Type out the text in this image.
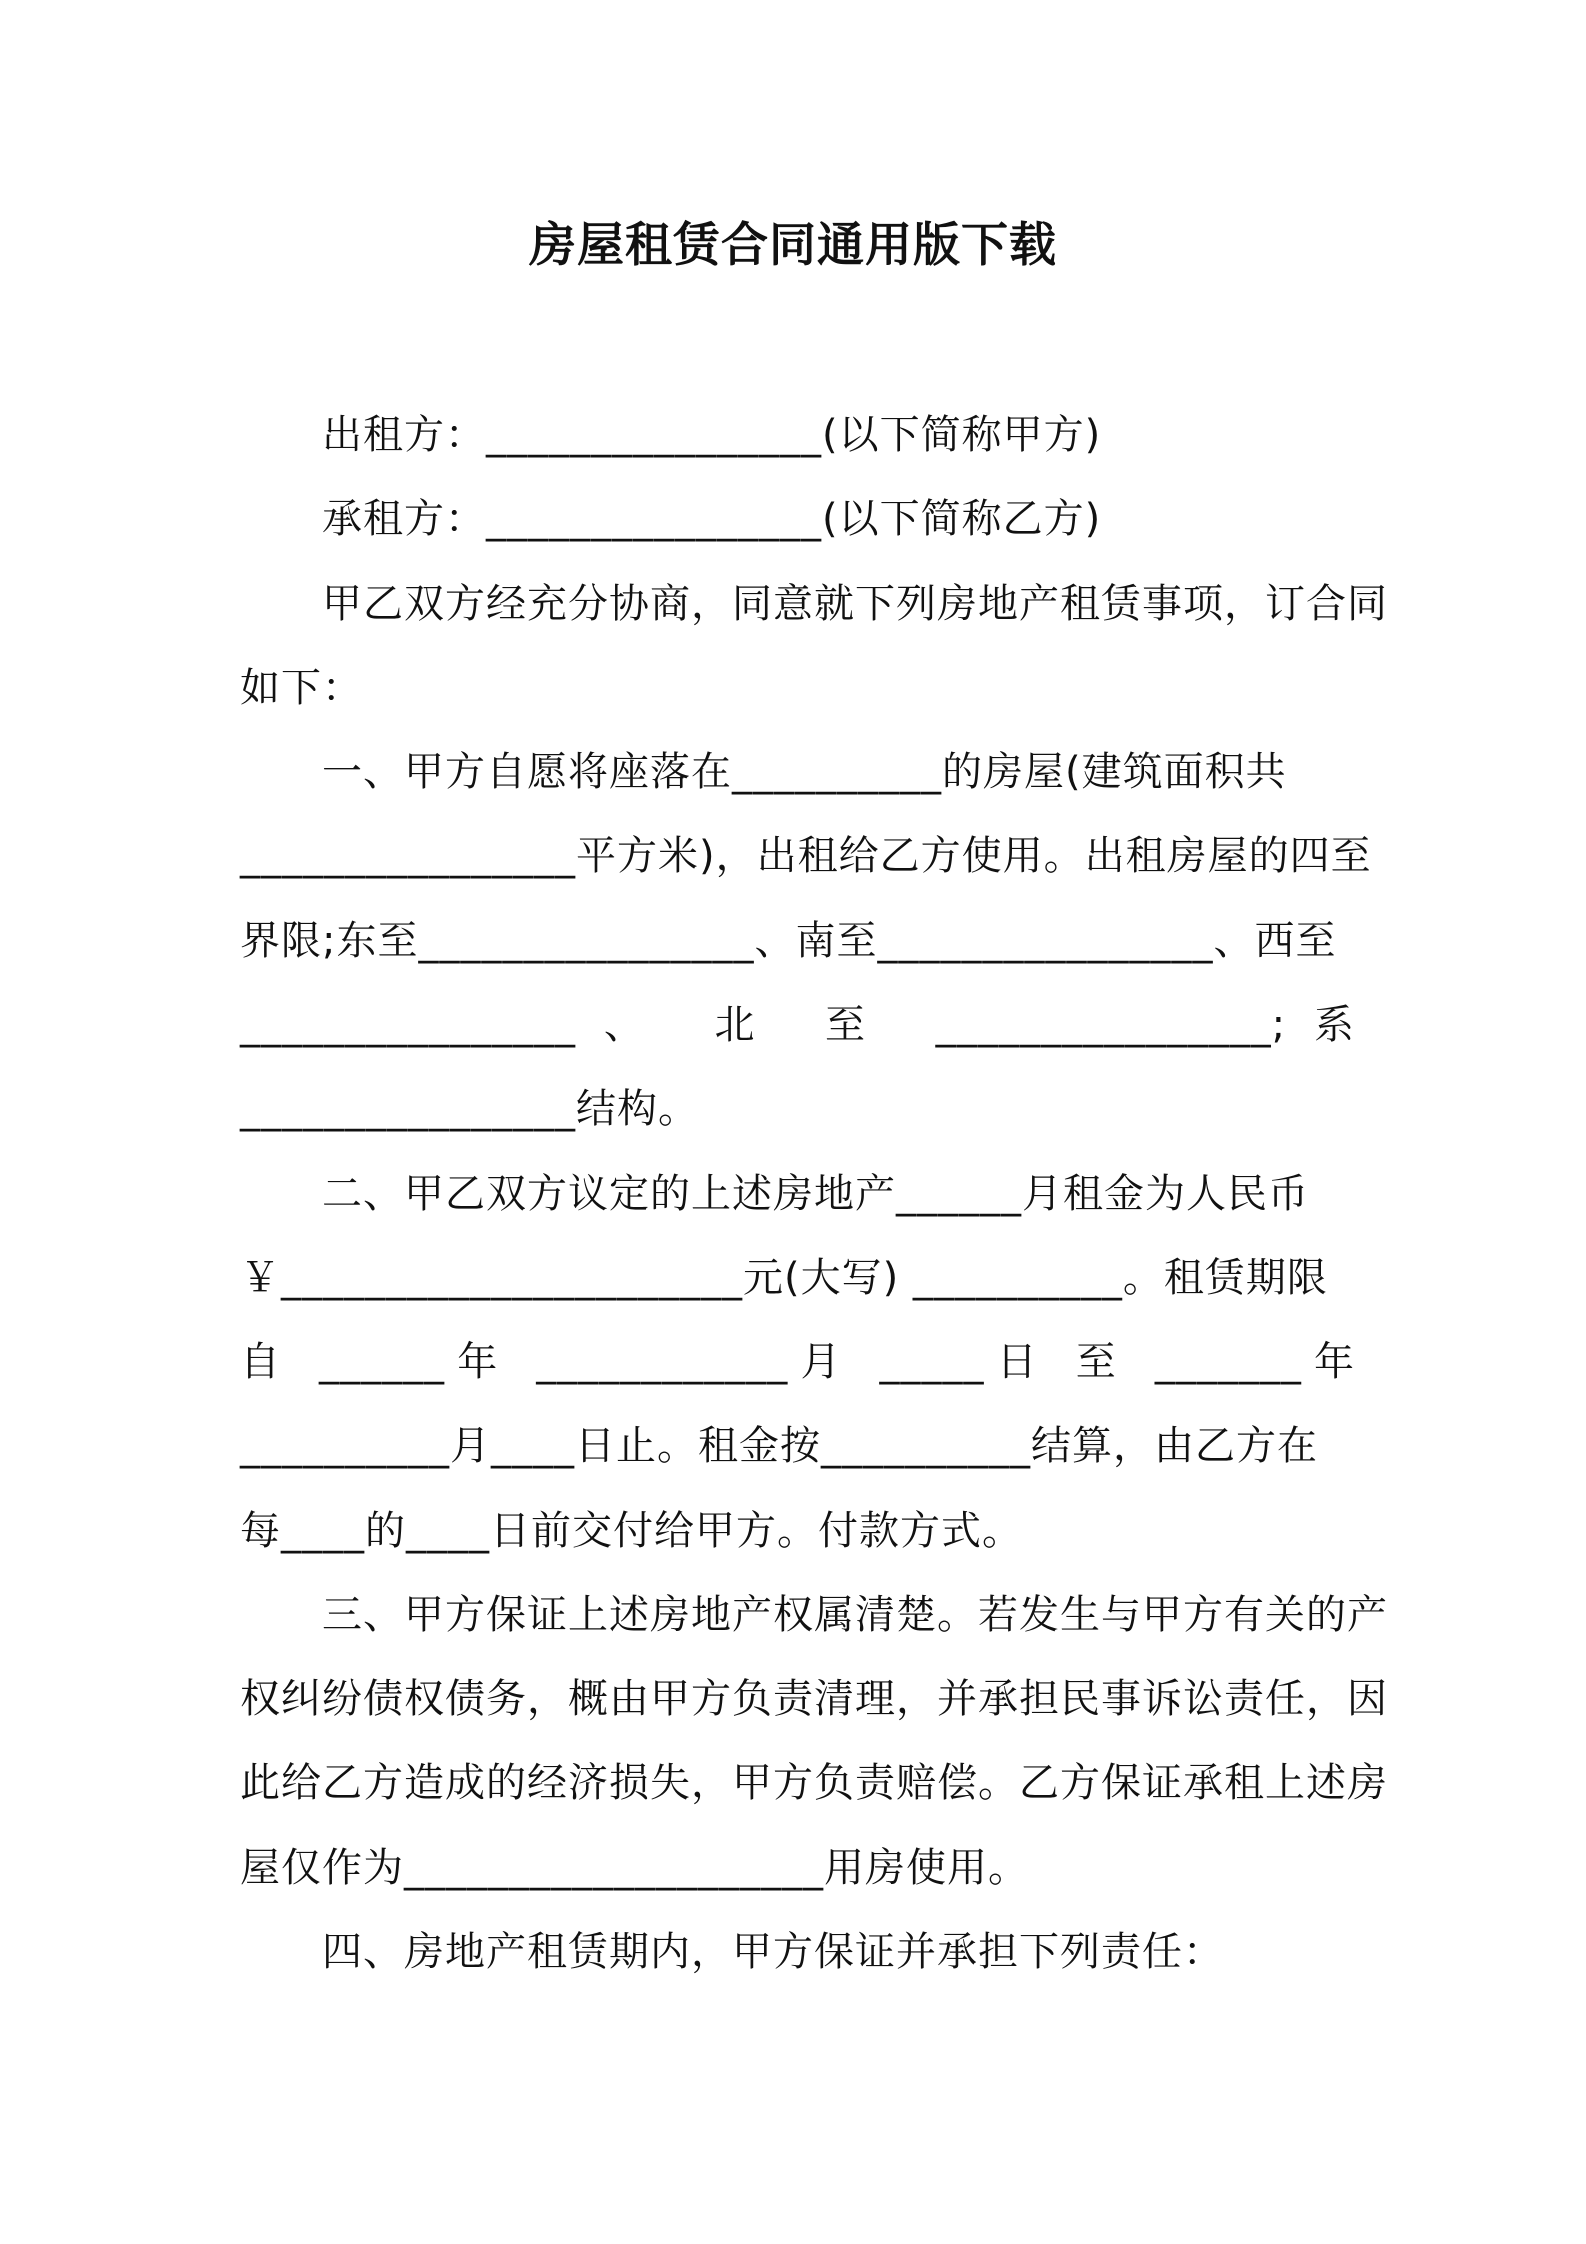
房屋租赁合同通用版下载
出租方：________________(以下简称甲方)
承租方：________________(以下简称乙方)
甲乙双方经充分协商，同意就下列房地产租赁事项，订合同
如下：
一、甲方自愿将座落在__________的房屋(建筑面积共
________________平方米)，出租给乙方使用。出租房屋的四至
界限;东至________________、南至________________、西至
________________、 北 至 ________________;系
________________结构。
二、甲乙双方议定的上述房地产______月租金为人民币
￥______________________元(大写) __________。租赁期限
自 ______年 ____________月 _____日 至 _______年
__________月____日止。租金按__________结算，由乙方在
每____的____日前交付给甲方。付款方式。
三、甲方保证上述房地产权属清楚。若发生与甲方有关的产
权纠纷债权债务，概由甲方负责清理，并承担民事诉讼责任，因
此给乙方造成的经济损失，甲方负责赔偿。乙方保证承租上述房
屋仅作为____________________用房使用。
四、房地产租赁期内，甲方保证并承担下列责任：
